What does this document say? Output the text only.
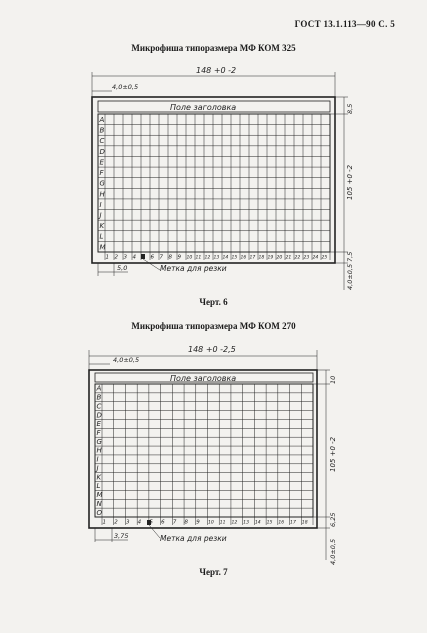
ГОСТ 13.1.113—90 С. 5
Микрофиша типоразмера МФ КОМ 325
Черт. 6
Микрофиша типоразмера МФ КОМ 270
Черт. 7
148 +0 -2
4,0±0,5
Поле заголовка	8,5
105 +0 -2
7,5
4,0±0,5
Метка для резки
5,0
A
B
C
D
E
F
G
H
I
J
K
L
M
1 2 3 4 5 6 7 8 9 10 11 12 13 14 15 16 17 18 19 20 21 22 23 24 25
148 +0 -2,5
4,0±0,5
Поле заголовка	10
105 +0 -2
6,25
4,0±0,5
Метка для резки
3,75
A
B
C
D
E
F
G
H
I
J
K
L
M
N
O
1 2 3 4 5 6 7 8 9 10 11 12 13 14 15 16 17 18
